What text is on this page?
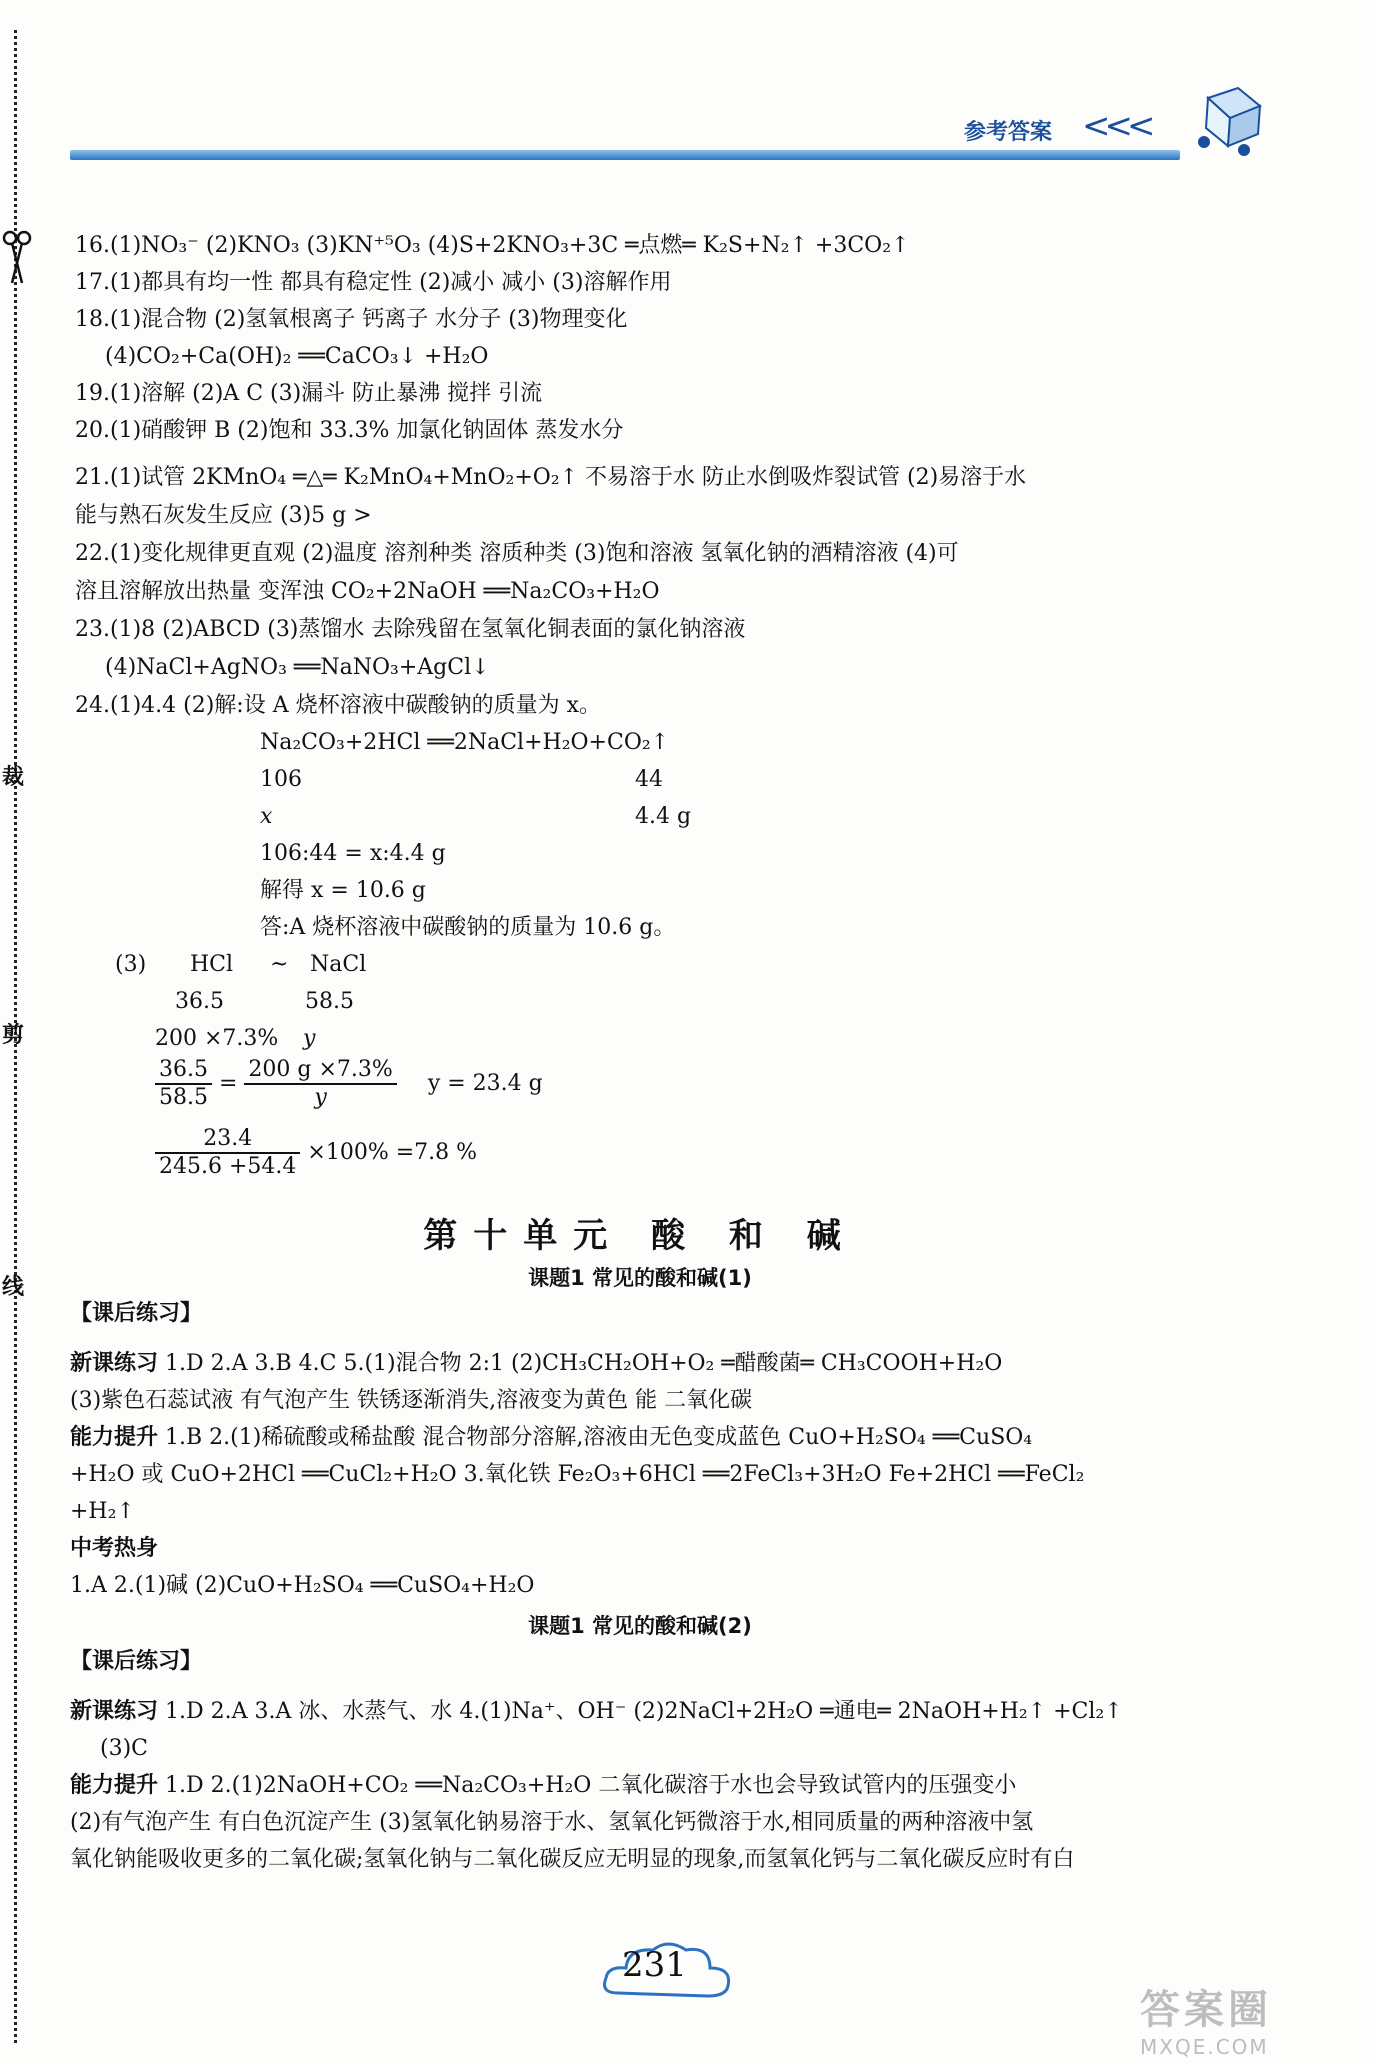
裁
剪
线
参考答案 <<<
16.(1)NO₃⁻ (2)KNO₃ (3)KN⁺⁵O₃ (4)S+2KNO₃+3C ═点燃═ K₂S+N₂↑ +3CO₂↑
17.(1)都具有均一性 都具有稳定性 (2)减小 减小 (3)溶解作用
18.(1)混合物 (2)氢氧根离子 钙离子 水分子 (3)物理变化
(4)CO₂+Ca(OH)₂ ══CaCO₃↓ +H₂O
19.(1)溶解 (2)A C (3)漏斗 防止暴沸 搅拌 引流
20.(1)硝酸钾 B (2)饱和 33.3% 加氯化钠固体 蒸发水分
21.(1)试管 2KMnO₄ ═△═ K₂MnO₄+MnO₂+O₂↑ 不易溶于水 防止水倒吸炸裂试管 (2)易溶于水
能与熟石灰发生反应 (3)5 g >
22.(1)变化规律更直观 (2)温度 溶剂种类 溶质种类 (3)饱和溶液 氢氧化钠的酒精溶液 (4)可
溶且溶解放出热量 变浑浊 CO₂+2NaOH ══Na₂CO₃+H₂O
23.(1)8 (2)ABCD (3)蒸馏水 去除残留在氢氧化铜表面的氯化钠溶液
(4)NaCl+AgNO₃ ══NaNO₃+AgCl↓
24.(1)4.4 (2)解:设 A 烧杯溶液中碳酸钠的质量为 x。
Na₂CO₃+2HCl ══2NaCl+H₂O+CO₂↑
106	44
x	4.4 g
106:44 = x:4.4 g
解得 x = 10.6 g
答:A 烧杯溶液中碳酸钠的质量为 10.6 g。
(3) HCl ~ NaCl
36.5	58.5
200 ×7.3% y
$\frac{36.5}{58.5} = \frac{200 g \times 7.3\%}{y}$ y = 23.4 g
$\frac{23.4}{245.6 +54.4} \times 100\% =7.8$ %
第十单元 酸 和 碱
课题1 常见的酸和碱(1)
【课后练习】
新课练习 1.D 2.A 3.B 4.C 5.(1)混合物 2:1 (2)CH₃CH₂OH+O₂ ═醋酸菌═ CH₃COOH+H₂O
(3)紫色石蕊试液 有气泡产生 铁锈逐渐消失,溶液变为黄色 能 二氧化碳
能力提升 1.B 2.(1)稀硫酸或稀盐酸 混合物部分溶解,溶液由无色变成蓝色 CuO+H₂SO₄ ══CuSO₄
+H₂O 或 CuO+2HCl ══CuCl₂+H₂O 3.氧化铁 Fe₂O₃+6HCl ══2FeCl₃+3H₂O Fe+2HCl ══FeCl₂
+H₂↑
中考热身
1.A 2.(1)碱 (2)CuO+H₂SO₄ ══CuSO₄+H₂O
课题1 常见的酸和碱(2)
【课后练习】
新课练习 1.D 2.A 3.A 冰、水蒸气、水 4.(1)Na⁺、OH⁻ (2)2NaCl+2H₂O ═通电═ 2NaOH+H₂↑ +Cl₂↑
(3)C
能力提升 1.D 2.(1)2NaOH+CO₂ ══Na₂CO₃+H₂O 二氧化碳溶于水也会导致试管内的压强变小
(2)有气泡产生 有白色沉淀产生 (3)氢氧化钠易溶于水、氢氧化钙微溶于水,相同质量的两种溶液中氢
氧化钠能吸收更多的二氧化碳;氢氧化钠与二氧化碳反应无明显的现象,而氢氧化钙与二氧化碳反应时有白
231
答案圈
MXQE.COM
